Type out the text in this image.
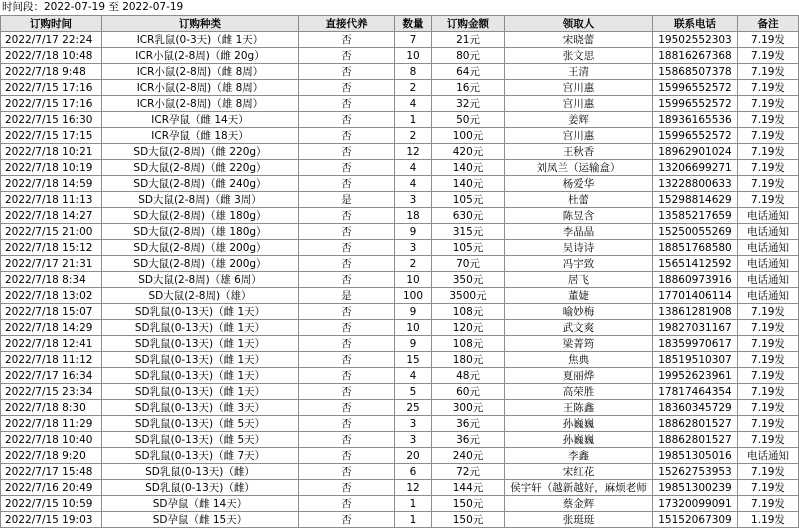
时间段：2022-07-19 至 2022-07-19
订购时间	订购种类	直接代养	数量	订购金额	领取人	联系电话	备注
2022/7/17 22:24	ICR乳鼠(0-3天)（雌 1天）	否	7	21元	宋晓蕾	19502552303	7.19发
2022/7/18 10:48	ICR小鼠(2-8周)（雌 20g）	否	10	80元	张文思	18816267368	7.19发
2022/7/18 9:48	ICR小鼠(2-8周)（雌 8周）	否	8	64元	王清	15868507378	7.19发
2022/7/15 17:16	ICR小鼠(2-8周)（雄 8周）	否	2	16元	宫川惠	15996552572	7.19发
2022/7/15 17:16	ICR小鼠(2-8周)（雄 8周）	否	4	32元	宫川惠	15996552572	7.19发
2022/7/15 16:30	ICR孕鼠（雌 14天）	否	1	50元	姜辉	18936165536	7.19发
2022/7/15 17:15	ICR孕鼠（雌 18天）	否	2	100元	宫川惠	15996552572	7.19发
2022/7/18 10:21	SD大鼠(2-8周)（雌 220g）	否	12	420元	王秋香	18962901024	7.19发
2022/7/18 10:19	SD大鼠(2-8周)（雌 220g）	否	4	140元	刘凤兰（运输盒）	13206699271	7.19发
2022/7/18 14:59	SD大鼠(2-8周)（雌 240g）	否	4	140元	杨爱华	13228800633	7.19发
2022/7/18 11:13	SD大鼠(2-8周)（雌 3周）	是	3	105元	杜蕾	15298814629	7.19发
2022/7/18 14:27	SD大鼠(2-8周)（雄 180g）	否	18	630元	陈昱含	13585217659	电话通知
2022/7/15 21:00	SD大鼠(2-8周)（雄 180g）	否	9	315元	李晶晶	15250055269	电话通知
2022/7/18 15:12	SD大鼠(2-8周)（雄 200g）	否	3	105元	吴诗诗	18851768580	电话通知
2022/7/17 21:31	SD大鼠(2-8周)（雄 200g）	否	2	70元	冯宇致	15651412592	电话通知
2022/7/18 8:34	SD大鼠(2-8周)（雄 6周）	否	10	350元	居飞	18860973916	电话通知
2022/7/18 13:02	SD大鼠(2-8周)（雄）	是	100	3500元	董婕	17701406114	电话通知
2022/7/18 15:07	SD乳鼠(0-13天)（雌 1天）	否	9	108元	喻妙梅	13861281908	7.19发
2022/7/18 14:29	SD乳鼠(0-13天)（雌 1天）	否	10	120元	武文爽	19827031167	7.19发
2022/7/18 12:41	SD乳鼠(0-13天)（雌 1天）	否	9	108元	梁菁筠	18359970617	7.19发
2022/7/18 11:12	SD乳鼠(0-13天)（雌 1天）	否	15	180元	焦典	18519510307	7.19发
2022/7/17 16:34	SD乳鼠(0-13天)（雌 1天）	否	4	48元	夏丽烨	19952623961	7.19发
2022/7/15 23:34	SD乳鼠(0-13天)（雌 1天）	否	5	60元	高荣胜	17817464354	7.19发
2022/7/18 8:30	SD乳鼠(0-13天)（雌 3天）	否	25	300元	王陈鑫	18360345729	7.19发
2022/7/18 11:29	SD乳鼠(0-13天)（雌 5天）	否	3	36元	孙巍巍	18862801527	7.19发
2022/7/18 10:40	SD乳鼠(0-13天)（雌 5天）	否	3	36元	孙巍巍	18862801527	7.19发
2022/7/18 9:20	SD乳鼠(0-13天)（雌 7天）	否	20	240元	李鑫	19851305016	电话通知
2022/7/17 15:48	SD乳鼠(0-13天)（雌）	否	6	72元	宋红花	15262753953	7.19发
2022/7/16 20:49	SD乳鼠(0-13天)（雌）	否	12	144元	侯宇轩（越新越好，麻烦老师	19851300239	7.19发
2022/7/15 10:59	SD孕鼠（雌 14天）	否	1	150元	蔡金辉	17320099091	7.19发
2022/7/15 19:03	SD孕鼠（雌 15天）	否	1	150元	张珽珽	15152067309	1.19发
